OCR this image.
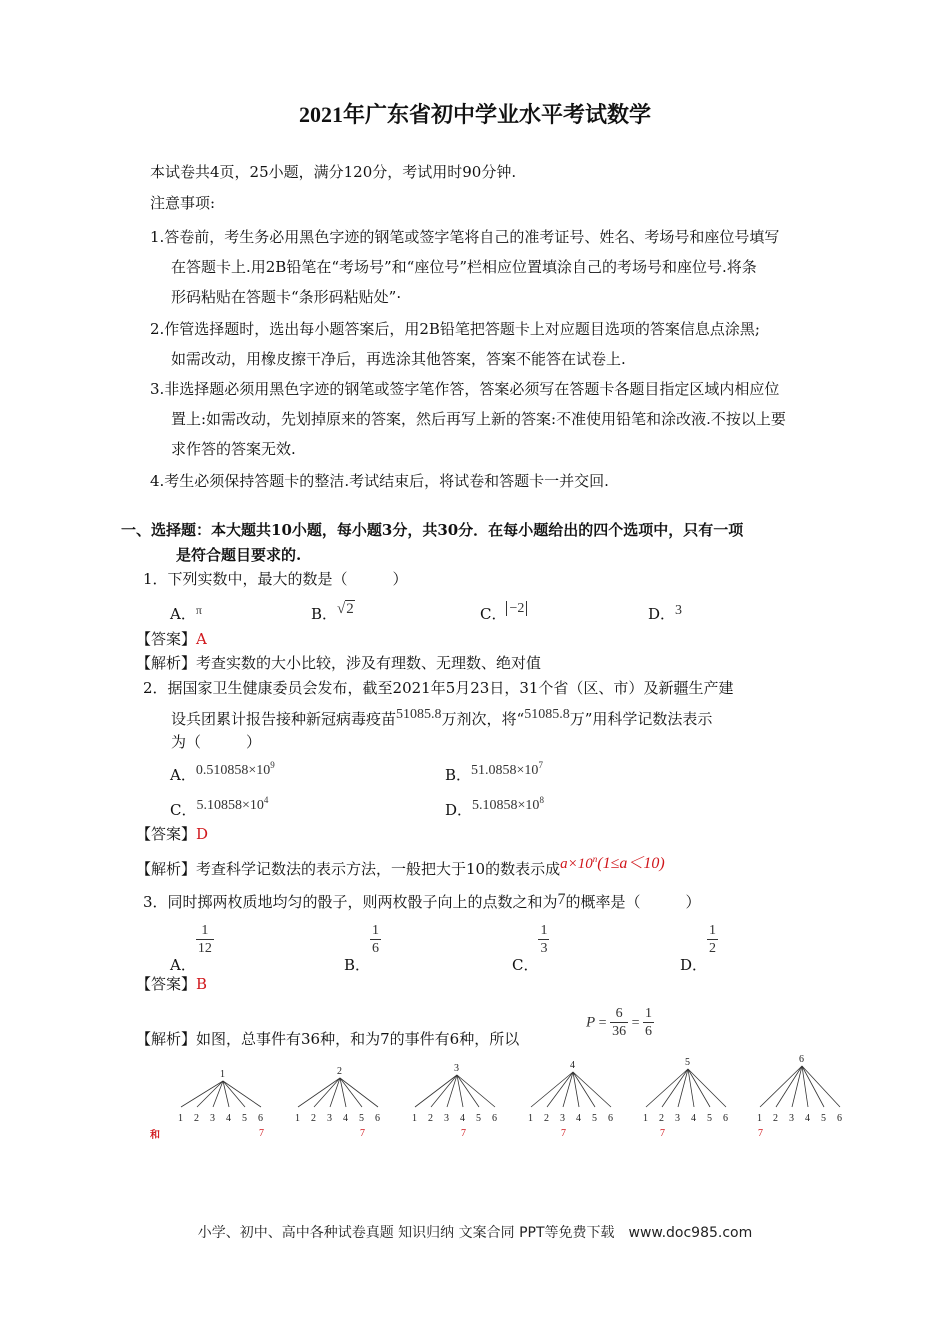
2021年广东省初中学业水平考试数学
本试卷共4页，25小题，满分120分，考试用时90分钟.
注意事项:
1.答卷前，考生务必用黑色字迹的钢笔或签字笔将自己的准考证号、姓名、考场号和座位号填写
在答题卡上.用2B铅笔在“考场号”和“座位号”栏相应位置填涂自己的考场号和座位号.将条
形码粘贴在答题卡“条形码粘贴处”·
2.作管选择题时，选出每小题答案后，用2B铅笔把答题卡上对应题目选项的答案信息点涂黑;
如需改动，用橡皮擦干净后，再选涂其他答案，答案不能答在试卷上.
3.非选择题必须用黑色字迹的钢笔或签字笔作答，答案必须写在答题卡各题目指定区域内相应位
置上:如需改动，先划掉原来的答案，然后再写上新的答案:不准使用铅笔和涂改液.不按以上要
求作答的答案无效.
4.考生必须保持答题卡的整洁.考试结束后，将试卷和答题卡一并交回.
一、选择题：本大题共10小题，每小题3分，共30分．在每小题给出的四个选项中，只有一项
是符合题目要求的.
1．下列实数中，最大的数是（　　　）
A．$^\pi$	B．√2	C． −2	D．3
【答案】A
【解析】考查实数的大小比较，涉及有理数、无理数、绝对值
2．据国家卫生健康委员会发布，截至2021年5月23日，31个省（区、市）及新疆生产建
设兵团累计报告接种新冠病毒疫苗51085.8万剂次，将“51085.8万”用科学记数法表示
为（　　　）
A．$0.510858\times 10^9$
B．$51.0858\times 10^7$
C．$5.10858\times 10^4$
D．$5.10858\times 10^8$
【答案】D
【解析】考查科学记数法的表示方法，一般把大于10的数表示成$a\times 10^n(1\le a<10)$
3．同时掷两枚质地均匀的骰子，则两枚骰子向上的点数之和为7的概率是（　　　）
A．
$\frac{1}{12}$
B．
$\frac{1}{6}$
C．
$\frac{1}{3}$
D．
$\frac{1}{2}$
【答案】B
【解析】如图，总事件有36种，和为7的事件有6种，所以
$P = \frac{6}{36} = \frac{1}{6}$
1
1 2 3 4 5 6
7
2
1 2 3 4 5
7
6
3
1 2 3 4
7
5 6
4
1 2 3
7
4 5 6
5
1 2
7
3 4 5 6
6
1
7
2 3 4 5 6
和
小学、初中、高中各种试卷真题 知识归纳 文案合同 PPT等免费下载　www.doc985.com
